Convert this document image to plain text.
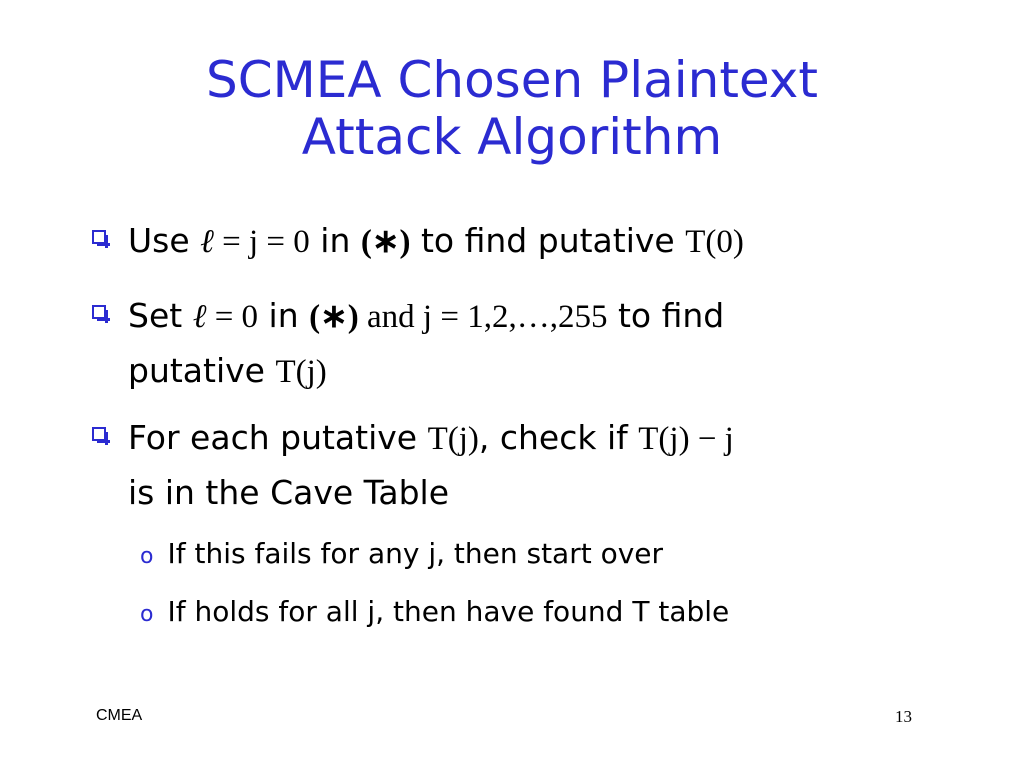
SCMEA Chosen Plaintext
Attack Algorithm
Use ℓ = j = 0 in (∗) to find putative T(0)
Set ℓ = 0 in (∗) and j = 1,2,…,255 to find
putative T(j)
For each putative T(j), check if T(j) − j
is in the Cave Table
o If this fails for any j, then start over
o If holds for all j, then have found T table
CMEA	13
